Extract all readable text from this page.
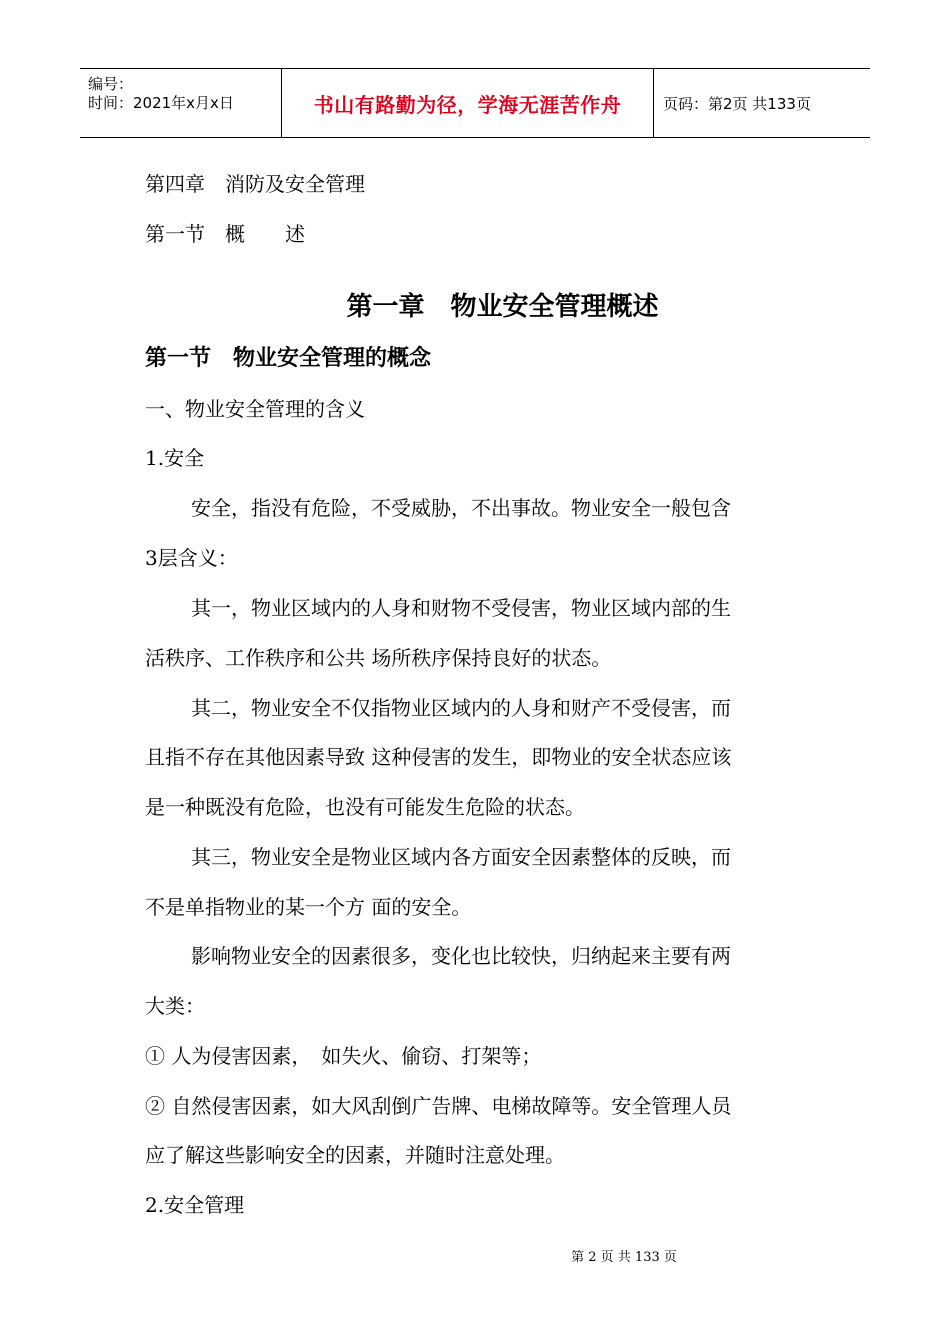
编号：
时间：2021年x月x日	书山有路勤为径，学海无涯苦作舟	页码：第2页 共133页
第四章　消防及安全管理
第一节　概　　述
第一章　物业安全管理概述
第一节　物业安全管理的概念
一、物业安全管理的含义
1.安全
安全，指没有危险，不受威胁，不出事故。物业安全一般包含
3层含义：
其一，物业区域内的人身和财物不受侵害，物业区域内部的生
活秩序、工作秩序和公共 场所秩序保持良好的状态。
其二，物业安全不仅指物业区域内的人身和财产不受侵害，而
且指不存在其他因素导致 这种侵害的发生，即物业的安全状态应该
是一种既没有危险，也没有可能发生危险的状态。
其三，物业安全是物业区域内各方面安全因素整体的反映，而
不是单指物业的某一个方 面的安全。
影响物业安全的因素很多，变化也比较快，归纳起来主要有两
大类：
① 人为侵害因素，　如失火、偷窃、打架等；
② 自然侵害因素，如大风刮倒广告牌、电梯故障等。安全管理人员
应了解这些影响安全的因素，并随时注意处理。
2.安全管理
第 2 页 共 133 页
